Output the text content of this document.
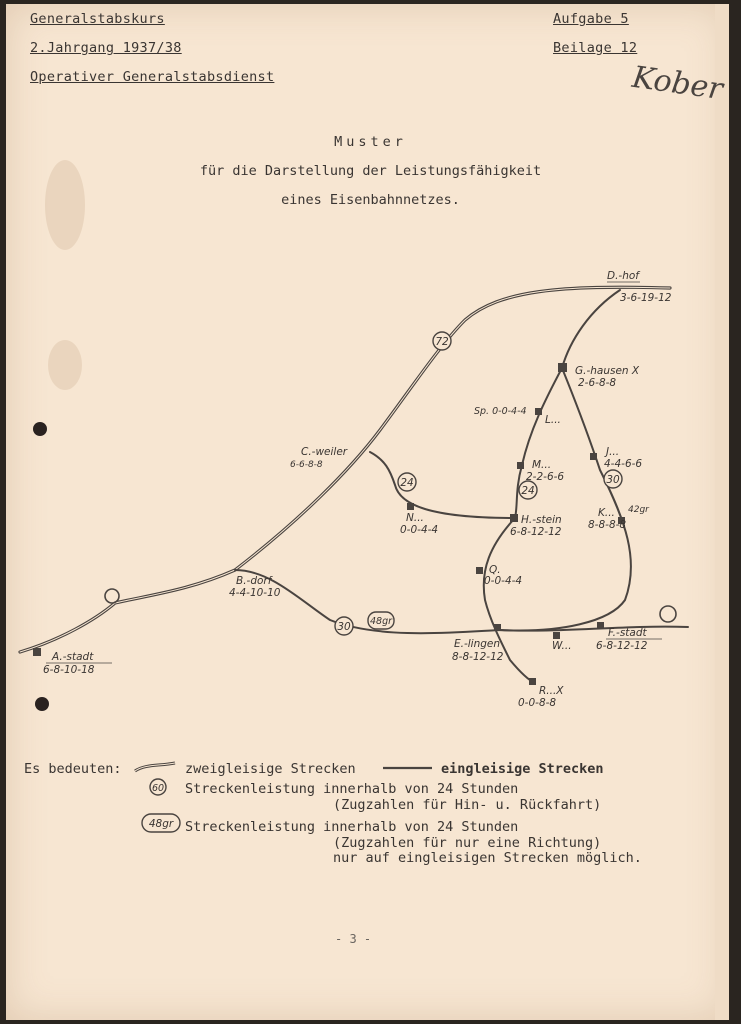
Generalstabskurs
2.Jahrgang 1937/38
Operativer Generalstabsdienst
Aufgabe 5
Beilage 12
Kober
Muster
für die Darstellung der Leistungsfähigkeit
eines Eisenbahnnetzes.
72
24
24
30
30 48gr
42gr
D.-hof
3-6-19-12
G.-hausen X
2-6-8-8
Sp. 0-0-4-4
L...
M...
2-2-6-6
J...
4-4-6-6
K...
8-8-8-8
C.-weiler
6-6-8-8
N...
0-0-4-4
H.-stein
6-8-12-12
Q.
0-0-4-4
B.-dorf
4-4-10-10
A.-stadt
6-8-10-18
E.-lingen
8-8-12-12
W...
F.-stadt
6-8-12-12
R...X
0-0-8-8
60
48gr
Es bedeuten:	zweigleisige Strecken	eingleisige Strecken
Streckenleistung innerhalb von 24 Stunden
(Zugzahlen für Hin- u. Rückfahrt)
Streckenleistung innerhalb von 24 Stunden
(Zugzahlen für nur eine Richtung)
nur auf eingleisigen Strecken möglich.
- 3 -
